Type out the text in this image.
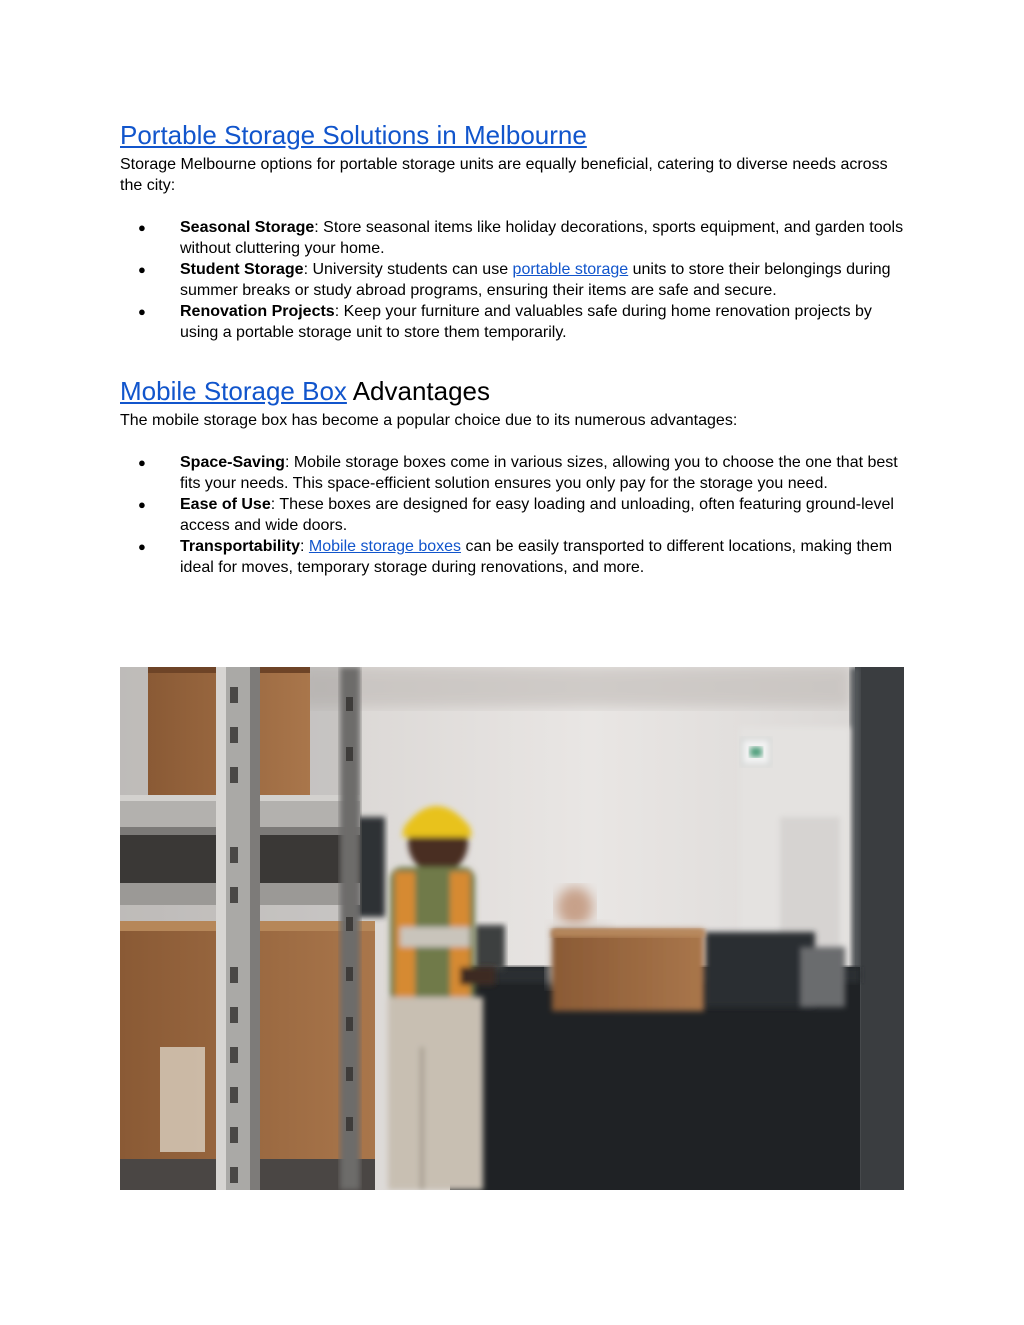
Portable Storage Solutions in Melbourne

Storage Melbourne options for portable storage units are equally beneficial, catering to diverse needs across the city:

● Seasonal Storage: Store seasonal items like holiday decorations, sports equipment, and garden tools without cluttering your home.
● Student Storage: University students can use portable storage units to store their belongings during summer breaks or study abroad programs, ensuring their items are safe and secure.
● Renovation Projects: Keep your furniture and valuables safe during home renovation projects by using a portable storage unit to store them temporarily.
Mobile Storage Box Advantages

The mobile storage box has become a popular choice due to its numerous advantages:

● Space-Saving: Mobile storage boxes come in various sizes, allowing you to choose the one that best fits your needs. This space-efficient solution ensures you only pay for the storage you need.
● Ease of Use: These boxes are designed for easy loading and unloading, often featuring ground-level access and wide doors.
● Transportability: Mobile storage boxes can be easily transported to different locations, making them ideal for moves, temporary storage during renovations, and more.
